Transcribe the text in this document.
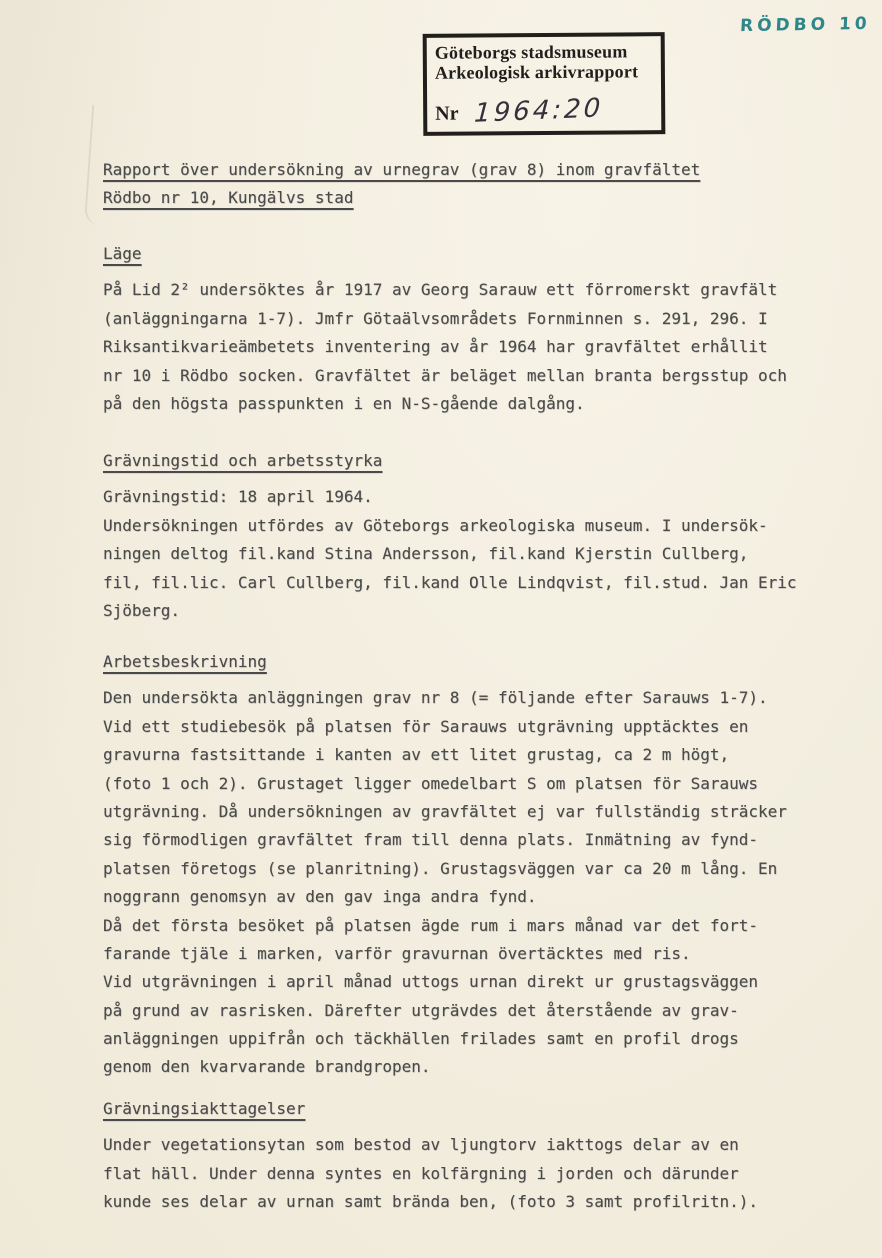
RÖDBO 10
Göteborgs stadsmuseum
Arkeologisk arkivrapport
Nr 1964:20
Rapport över undersökning av urnegrav (grav 8) inom gravfältet
Rödbo nr 10, Kungälvs stad
Läge
På Lid 2² undersöktes år 1917 av Georg Sarauw ett förromerskt gravfält
(anläggningarna 1-7). Jmfr Götaälvsområdets Fornminnen s. 291, 296. I
Riksantikvarieämbetets inventering av år 1964 har gravfältet erhållit
nr 10 i Rödbo socken. Gravfältet är beläget mellan branta bergsstup och
på den högsta passpunkten i en N-S-gående dalgång.
Grävningstid och arbetsstyrka
Grävningstid: 18 april 1964.
Undersökningen utfördes av Göteborgs arkeologiska museum. I undersök-
ningen deltog fil.kand Stina Andersson, fil.kand Kjerstin Cullberg,
fil, fil.lic. Carl Cullberg, fil.kand Olle Lindqvist, fil.stud. Jan Eric
Sjöberg.
Arbetsbeskrivning
Den undersökta anläggningen grav nr 8 (= följande efter Sarauws 1-7).
Vid ett studiebesök på platsen för Sarauws utgrävning upptäcktes en
gravurna fastsittande i kanten av ett litet grustag, ca 2 m högt,
(foto 1 och 2). Grustaget ligger omedelbart S om platsen för Sarauws
utgrävning. Då undersökningen av gravfältet ej var fullständig sträcker
sig förmodligen gravfältet fram till denna plats. Inmätning av fynd-
platsen företogs (se planritning). Grustagsväggen var ca 20 m lång. En
noggrann genomsyn av den gav inga andra fynd.
Då det första besöket på platsen ägde rum i mars månad var det fort-
farande tjäle i marken, varför gravurnan övertäcktes med ris.
Vid utgrävningen i april månad uttogs urnan direkt ur grustagsväggen
på grund av rasrisken. Därefter utgrävdes det återstående av grav-
anläggningen uppifrån och täckhällen frilades samt en profil drogs
genom den kvarvarande brandgropen.
Grävningsiakttagelser
Under vegetationsytan som bestod av ljungtorv iakttogs delar av en
flat häll. Under denna syntes en kolfärgning i jorden och därunder
kunde ses delar av urnan samt brända ben, (foto 3 samt profilritn.).
